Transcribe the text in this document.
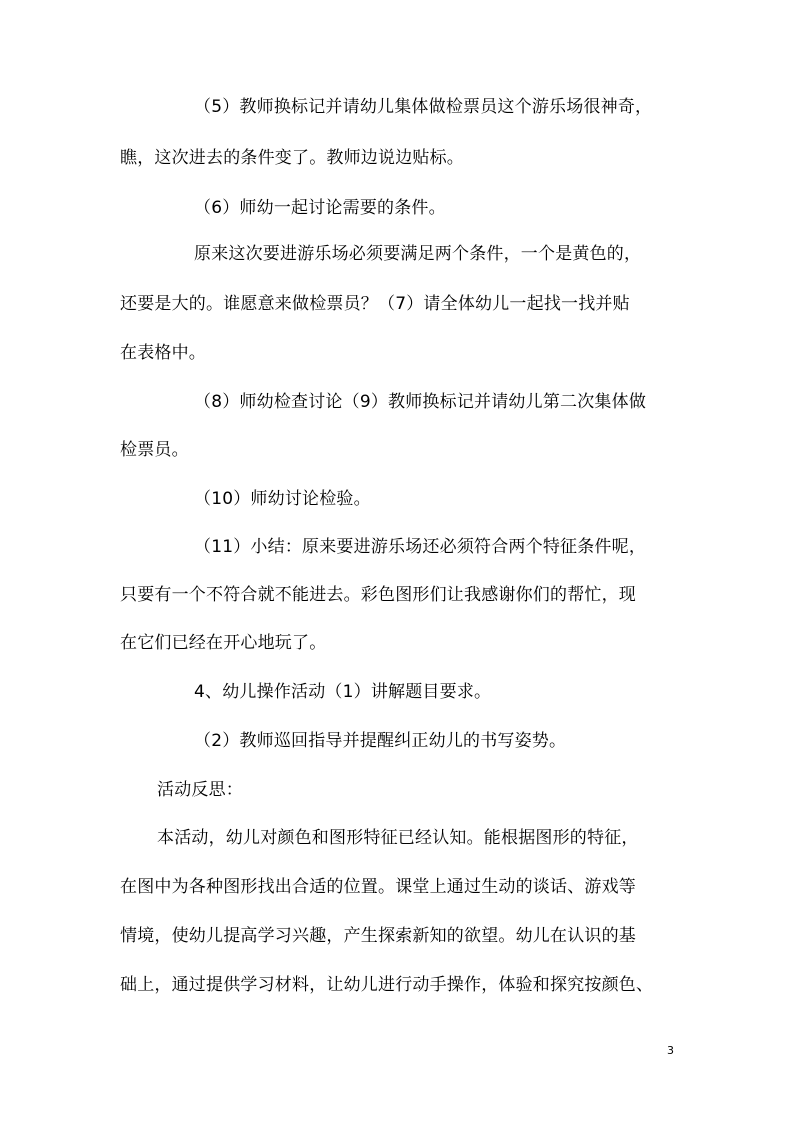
（5）教师换标记并请幼儿集体做检票员这个游乐场很神奇，
瞧，这次进去的条件变了。教师边说边贴标。
（6）师幼一起讨论需要的条件。
原来这次要进游乐场必须要满足两个条件，一个是黄色的，
还要是大的。谁愿意来做检票员？（7）请全体幼儿一起找一找并贴
在表格中。
（8）师幼检查讨论（9）教师换标记并请幼儿第二次集体做
检票员。
（10）师幼讨论检验。
（11）小结：原来要进游乐场还必须符合两个特征条件呢，
只要有一个不符合就不能进去。彩色图形们让我感谢你们的帮忙，现
在它们已经在开心地玩了。
4、幼儿操作活动（1）讲解题目要求。
（2）教师巡回指导并提醒纠正幼儿的书写姿势。
活动反思：
本活动，幼儿对颜色和图形特征已经认知。能根据图形的特征，
在图中为各种图形找出合适的位置。课堂上通过生动的谈话、游戏等
情境，使幼儿提高学习兴趣，产生探索新知的欲望。幼儿在认识的基
础上，通过提供学习材料，让幼儿进行动手操作，体验和探究按颜色、
3
